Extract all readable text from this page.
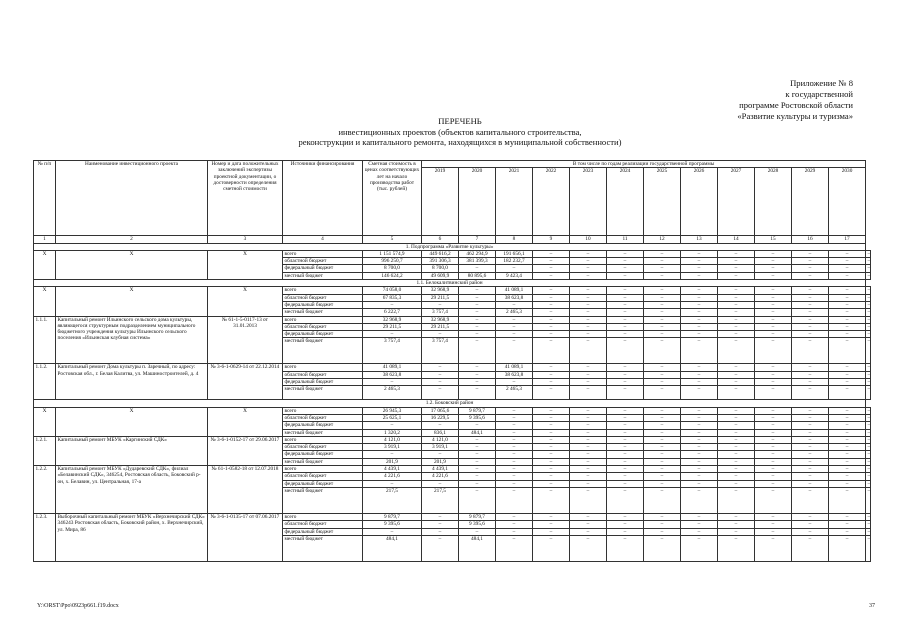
Приложение № 8
к государственной
программе Ростовской области
«Развитие культуры и туризма»
ПЕРЕЧЕНЬ
инвестиционных проектов (объектов капитального строительства,
реконструкции и капитального ремонта, находящихся в муниципальной собственности)
№ п/п	Наименование инвестиционного проекта	Номер и дата положительных заключений экспертизы проектной документации, о достоверности определения сметной стоимости	Источники финансирования	Сметная стоимость в ценах соответствующих лет на начало производства работ (тыс. рублей)	В том числе по годам реализации государственной программы												
					2019	2020	2021	2022	2023	2024	2025	2026	2027	2028	2029	2030	
1	2	3	4	5	6	7	8	9	10	11	12	13	14	15	16	17	
1. Подпрограмма «Развитие культуры»																	
Х	Х	Х	всего	1 151 574,9	449 616,2	462 294,9	191 656,1	–	–	–	–	–	–	–	–	–	–
			областной бюджет	996 250,7	391 306,3	381 399,3	182 232,7	–	–	–	–	–	–	–	–	–	–
			федеральный бюджет	8 700,0	8 700,0	–	–	–	–	–	–	–	–	–	–	–	–
			местный бюджет	146 624,2	49 609,9	80 895,6	9 423,4	–	–	–	–	–	–	–	–	–	–
1.1. Белокалитвинский район																	
Х	Х	Х	всего	74 058,0	32 968,9	–	41 089,1	–	–	–	–	–	–	–	–	–	–
			областной бюджет	67 835,3	29 211,5	–	38 623,8	–	–	–	–	–	–	–	–	–	–
			федеральный бюджет	–	–	–	–	–	–	–	–	–	–	–	–	–	–
			местный бюджет	6 222,7	3 757,4	–	2 465,3	–	–	–	–	–	–	–	–	–	–
1.1.1.	Капитальный ремонт Ильинского сельского дома культуры, являющегося структурным подразделением муниципального бюджетного учреждения культуры Ильинского сельского поселения «Ильинская клубная система»	№ 61-1-5-0117-13 от 31.01.2013	всего	32 968,9	32 968,9	–	–	–	–	–	–	–	–	–	–	–	–
			областной бюджет	29 211,5	29 211,5	–	–	–	–	–	–	–	–	–	–	–	–
			федеральный бюджет	–	–	–	–	–	–	–	–	–	–	–	–	–	–
			местный бюджет	3 757,4	3 757,4	–	–	–	–	–	–	–	–	–	–	–	–
1.1.2.	Капитальный ремонт Дома культуры п. Заречный, по адресу: Ростовская обл., г. Белая Калитва, ул. Машиностроителей, д. 4	№ 3-6-1-0629-14 от 22.12.2014	всего	41 089,1	–	–	41 089,1	–	–	–	–	–	–	–	–	–	–
			областной бюджет	38 623,8	–	–	38 623,8	–	–	–	–	–	–	–	–	–	–
			федеральный бюджет	–	–	–	–	–	–	–	–	–	–	–	–	–	–
			местный бюджет	2 465,3	–	–	2 465,3	–	–	–	–	–	–	–	–	–	–
1.2. Боковский район																	
Х	Х	Х	всего	26 945,3	17 065,6	9 879,7	–	–	–	–	–	–	–	–	–	–	–
			областной бюджет	25 625,1	16 229,5	9 395,6	–	–	–	–	–	–	–	–	–	–	–
			федеральный бюджет	–	–	–	–	–	–	–	–	–	–	–	–	–	–
			местный бюджет	1 320,2	836,1	484,1	–	–	–	–	–	–	–	–	–	–	–
1.2.1.	Капитальный ремонт МБУК «Каргинский СДК»	№ 3-6-1-0152-17 от 29.06.2017	всего	4 121,0	4 121,0	–	–	–	–	–	–	–	–	–	–	–	–
			областной бюджет	3 919,1	3 919,1	–	–	–	–	–	–	–	–	–	–	–	–
			федеральный бюджет	–	–	–	–	–	–	–	–	–	–	–	–	–	–
			местный бюджет	201,9	201,9	–	–	–	–	–	–	–	–	–	–	–	–
1.2.2.	Капитальный ремонт МБУК «Дударевский СДК», филиал «Белавинский СДК», 346254, Ростовская область, Боковский р-он, х. Белавин, ул. Центральная, 17-а	№ 61-1-0582-18 от 12.07.2018	всего	4 439,1	4 439,1	–	–	–	–	–	–	–	–	–	–	–	–
			областной бюджет	4 221,6	4 221,6	–	–	–	–	–	–	–	–	–	–	–	–
			федеральный бюджет	–	–	–	–	–	–	–	–	–	–	–	–	–	–
			местный бюджет	217,5	217,5	–	–	–	–	–	–	–	–	–	–	–	–
1.2.3.	Выборочный капитальный ремонт МБУК «Верхнечирский СДК» 346243 Ростовская область, Боковский район, х. Верхнечирский, ул. Мира, 86	№ 3-6-1-0135-17 от 07.06.2017	всего	9 879,7	–	9 879,7	–	–	–	–	–	–	–	–	–	–	–
			областной бюджет	9 395,6	–	9 395,6	–	–	–	–	–	–	–	–	–	–	–
			федеральный бюджет	–	–	–	–	–	–	–	–	–	–	–	–	–	–
			местный бюджет	484,1	–	484,1	–	–	–	–	–	–	–	–	–	–	–
Y:\ORST\Ppo\0923p661.f19.docx	37
